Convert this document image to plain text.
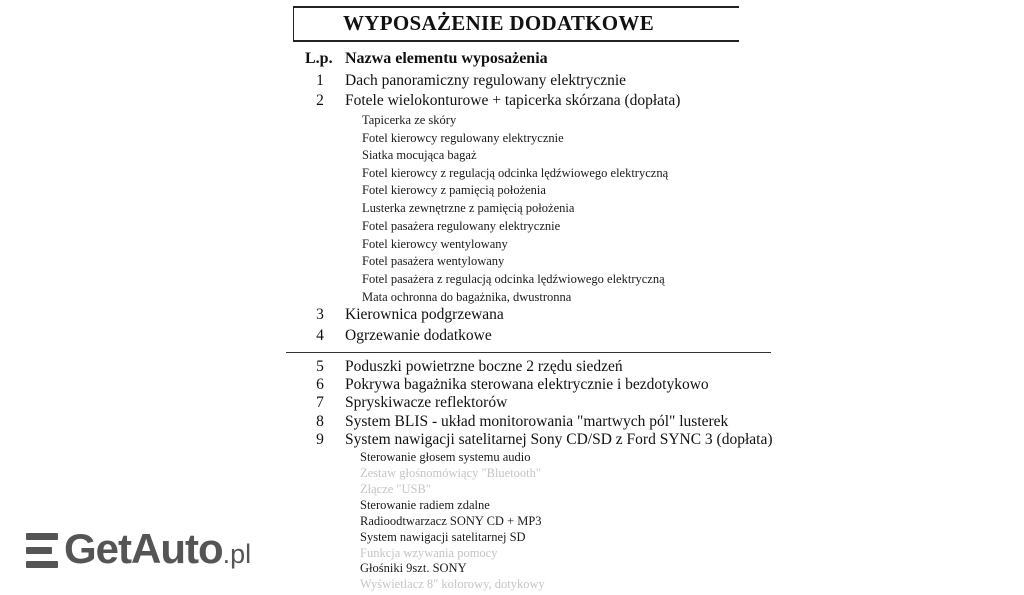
WYPOSAŻENIE DODATKOWE
L.p. Nazwa elementu wyposażenia
1	Dach panoramiczny regulowany elektrycznie
2	Fotele wielokonturowe + tapicerka skórzana (dopłata)
Tapicerka ze skóry
Fotel kierowcy regulowany elektrycznie
Siatka mocująca bagaż
Fotel kierowcy z regulacją odcinka lędźwiowego elektryczną
Fotel kierowcy z pamięcią położenia
Lusterka zewnętrzne z pamięcią położenia
Fotel pasażera regulowany elektrycznie
Fotel kierowcy wentylowany
Fotel pasażera wentylowany
Fotel pasażera z regulacją odcinka lędźwiowego elektryczną
Mata ochronna do bagażnika, dwustronna
3	Kierownica podgrzewana
4	Ogrzewanie dodatkowe
5	Poduszki powietrzne boczne 2 rzędu siedzeń
6	Pokrywa bagażnika sterowana elektrycznie i bezdotykowo
7	Spryskiwacze reflektorów
8	System BLIS - układ monitorowania "martwych pól" lusterek
9	System nawigacji satelitarnej Sony CD/SD z Ford SYNC 3 (dopłata)
Sterowanie głosem systemu audio
Zestaw głośnomówiący "Bluetooth"
Złącze "USB"
Sterowanie radiem zdalne
Radioodtwarzacz SONY CD + MP3
System nawigacji satelitarnej SD
Funkcja wzywania pomocy
Głośniki 9szt. SONY
Wyświetlacz 8" kolorowy, dotykowy
GetAuto.pl
